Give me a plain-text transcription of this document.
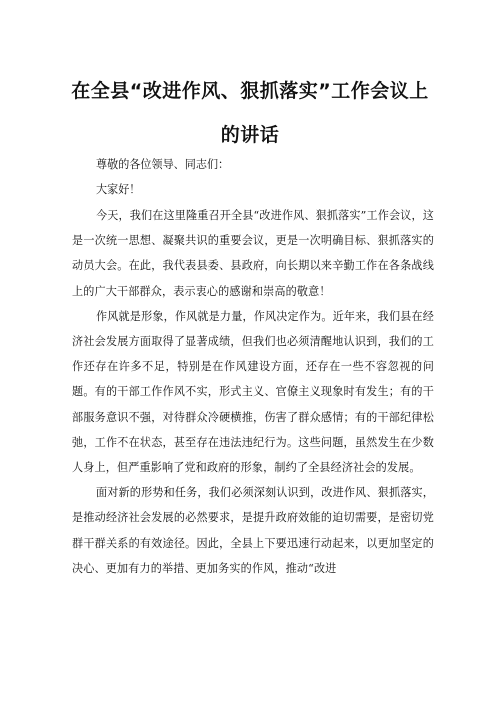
在全县“改进作风、狠抓落实”工作会议上
的讲话
尊敬的各位领导、同志们：
大家好！

今天，我们在这里隆重召开全县“改进作风、狠抓落实”工作会议，这是一次统一思想、凝聚共识的重要会议，更是一次明确目标、狠抓落实的动员大会。在此，我代表县委、县政府，向长期以来辛勤工作在各条战线上的广大干部群众，表示衷心的感谢和崇高的敬意！

作风就是形象，作风就是力量，作风决定作为。近年来，我们县在经济社会发展方面取得了显著成绩，但我们也必须清醒地认识到，我们的工作还存在许多不足，特别是在作风建设方面，还存在一些不容忽视的问题。有的干部工作作风不实，形式主义、官僚主义现象时有发生；有的干部服务意识不强，对待群众冷硬横推，伤害了群众感情；有的干部纪律松弛，工作不在状态，甚至存在违法违纪行为。这些问题，虽然发生在少数人身上，但严重影响了党和政府的形象，制约了全县经济社会的发展。

面对新的形势和任务，我们必须深刻认识到，改进作风、狠抓落实，是推动经济社会发展的必然要求，是提升政府效能的迫切需要，是密切党群干群关系的有效途径。因此，全县上下要迅速行动起来，以更加坚定的决心、更加有力的举措、更加务实的作风，推动“改进
